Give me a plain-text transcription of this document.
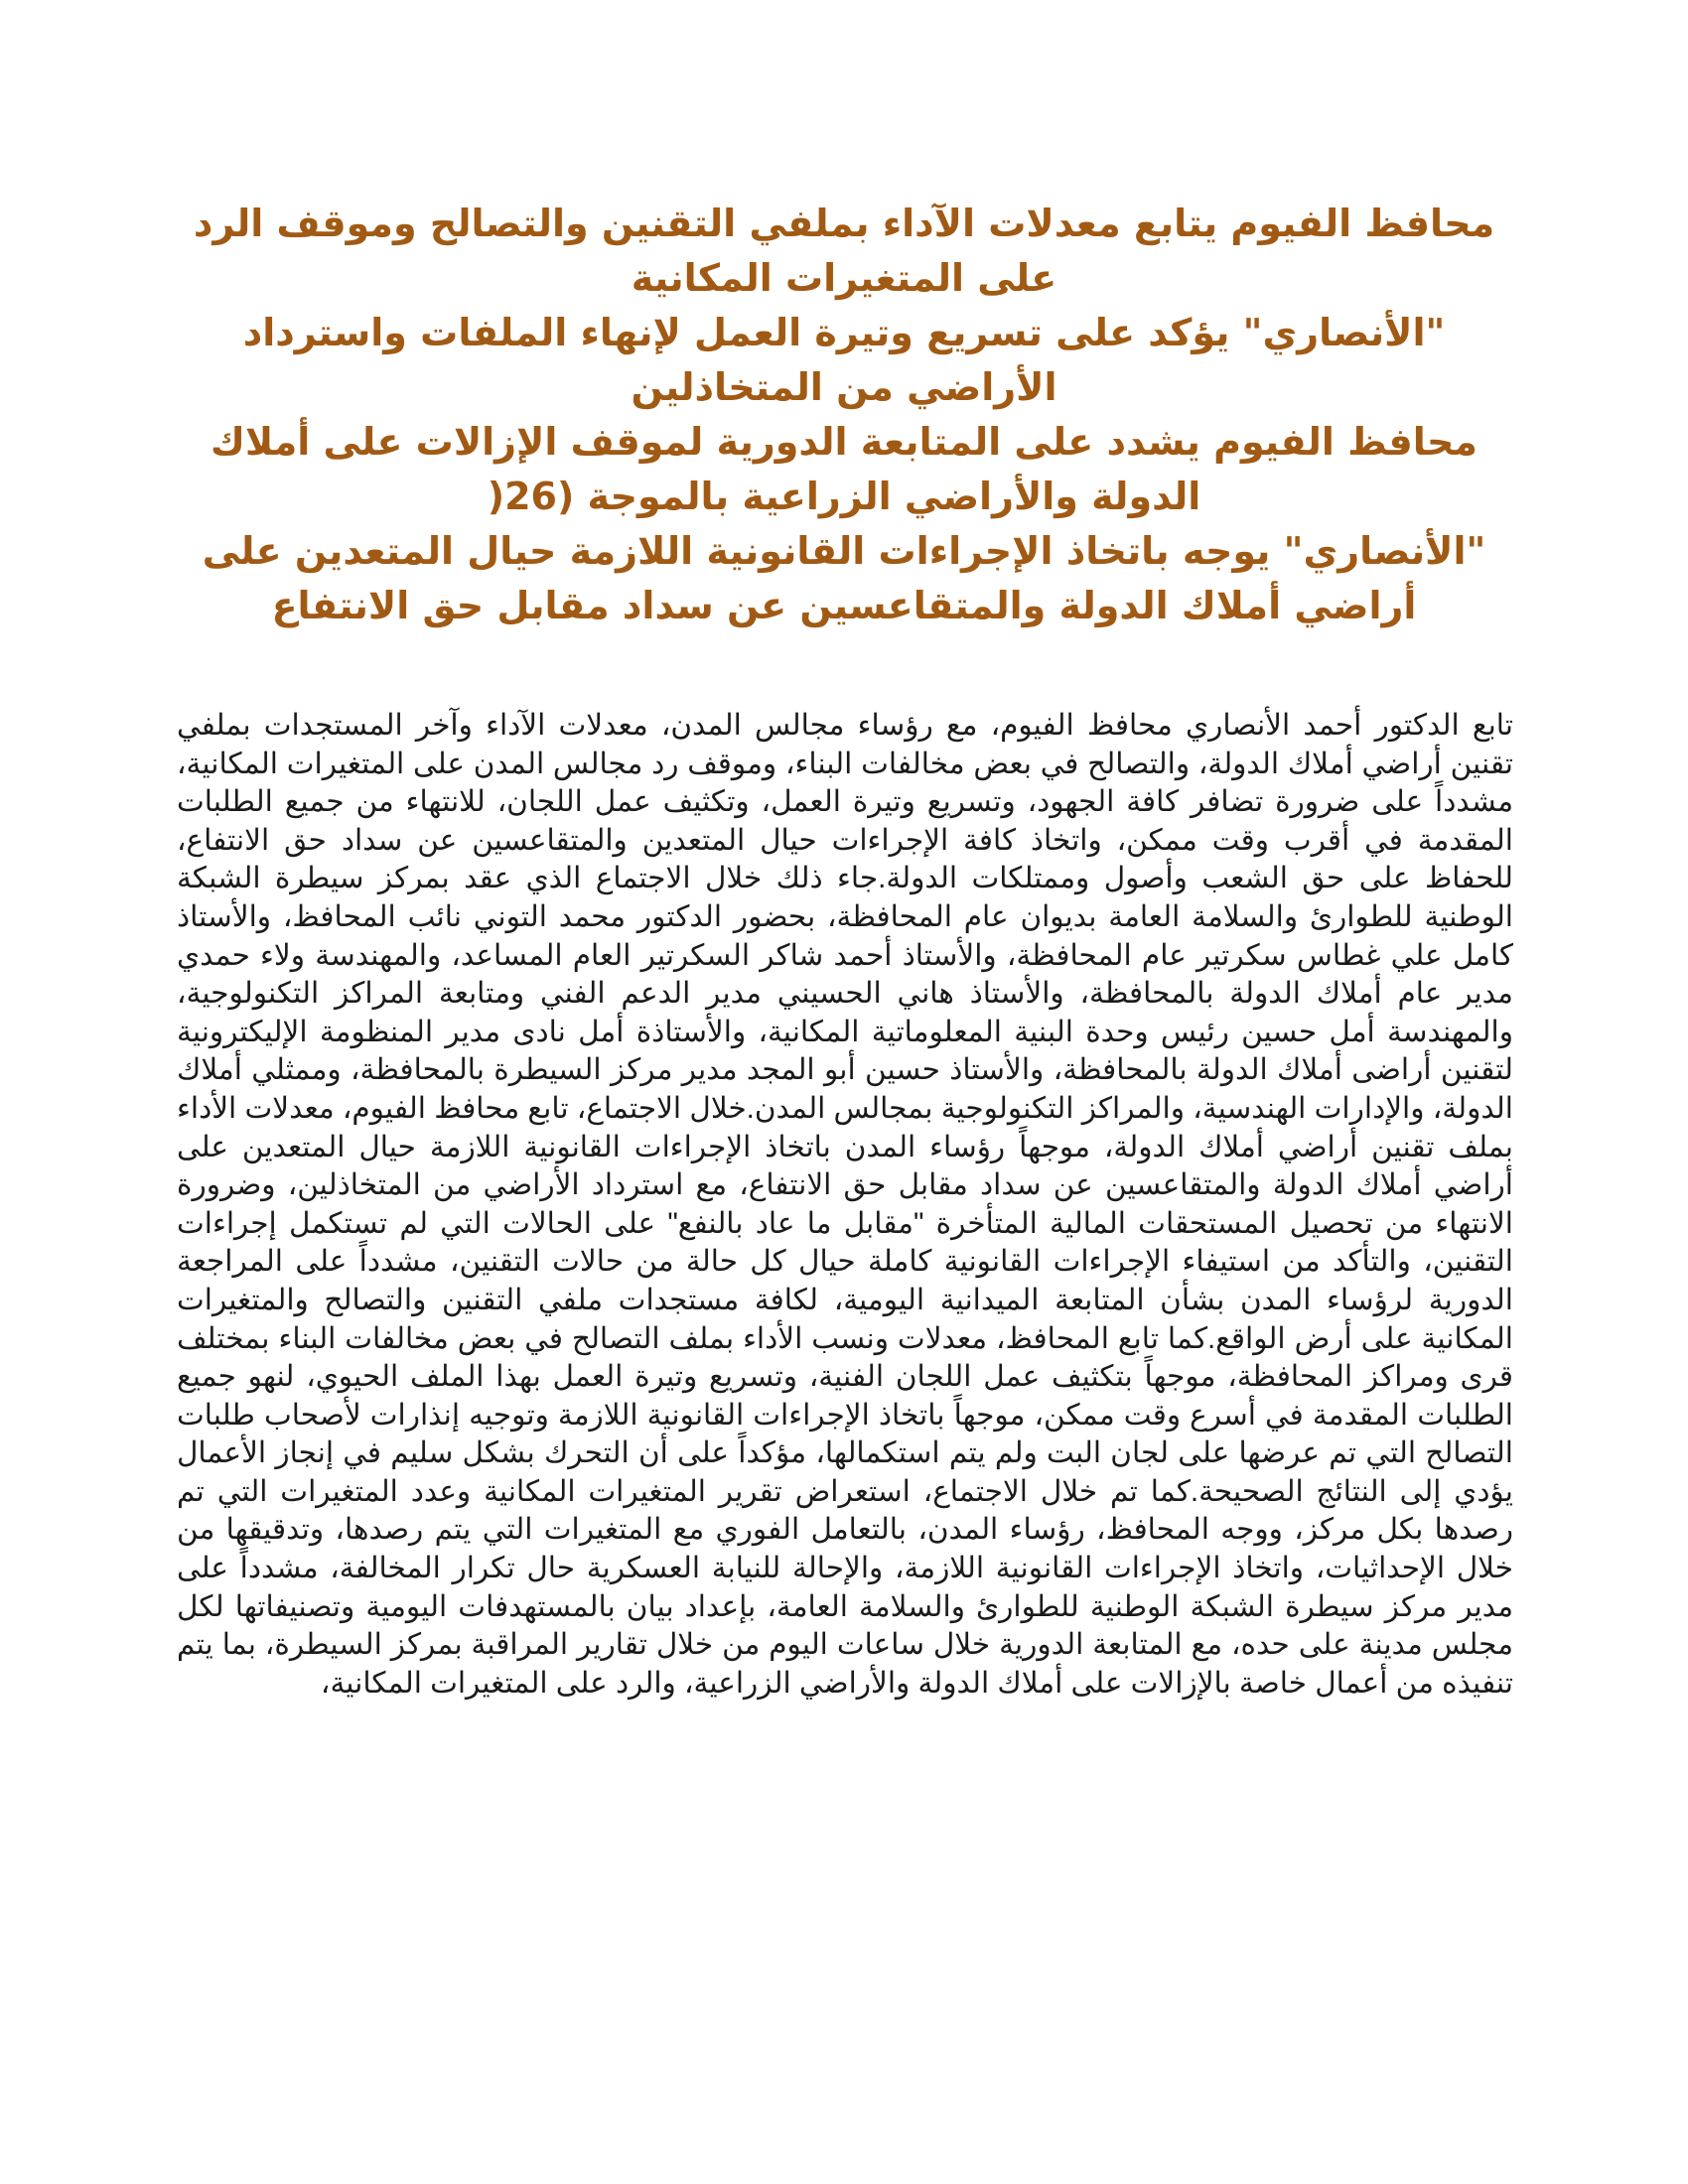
محافظ الفيوم يتابع معدلات الآداء بملفي التقنين والتصالح وموقف الرد على المتغيرات المكانية

"الأنصاري" يؤكد على تسريع وتيرة العمل لإنهاء الملفات واسترداد الأراضي من المتخاذلين

محافظ الفيوم يشدد على المتابعة الدورية لموقف الإزالات على أملاك الدولة والأراضي الزراعية بالموجة (26(

"الأنصاري" يوجه باتخاذ الإجراءات القانونية اللازمة حيال المتعدين على أراضي أملاك الدولة والمتقاعسين عن سداد مقابل حق الانتفاع

تابع الدكتور أحمد الأنصاري محافظ الفيوم، مع رؤساء مجالس المدن، معدلات الآداء وآخر المستجدات بملفي تقنين أراضي أملاك الدولة، والتصالح في بعض مخالفات البناء، وموقف رد مجالس المدن على المتغيرات المكانية، مشدداً على ضرورة تضافر كافة الجهود، وتسريع وتيرة العمل، وتكثيف عمل اللجان، للانتهاء من جميع الطلبات المقدمة في أقرب وقت ممكن، واتخاذ كافة الإجراءات حيال المتعدين والمتقاعسين عن سداد حق الانتفاع، للحفاظ على حق الشعب وأصول وممتلكات الدولة.جاء ذلك خلال الاجتماع الذي عقد بمركز سيطرة الشبكة الوطنية للطوارئ والسلامة العامة بديوان عام المحافظة، بحضور الدكتور محمد التوني نائب المحافظ، والأستاذ كامل علي غطاس سكرتير عام المحافظة، والأستاذ أحمد شاكر السكرتير العام المساعد، والمهندسة ولاء حمدي مدير عام أملاك الدولة بالمحافظة، والأستاذ هاني الحسيني مدير الدعم الفني ومتابعة المراكز التكنولوجية، والمهندسة أمل حسين رئيس وحدة البنية المعلوماتية المكانية، والأستاذة أمل نادى مدير المنظومة الإليكترونية لتقنين أراضى أملاك الدولة بالمحافظة، والأستاذ حسين أبو المجد مدير مركز السيطرة بالمحافظة، وممثلي أملاك الدولة، والإدارات الهندسية، والمراكز التكنولوجية بمجالس المدن.خلال الاجتماع، تابع محافظ الفيوم، معدلات الأداء بملف تقنين أراضي أملاك الدولة، موجهاً رؤساء المدن باتخاذ الإجراءات القانونية اللازمة حيال المتعدين على أراضي أملاك الدولة والمتقاعسين عن سداد مقابل حق الانتفاع، مع استرداد الأراضي من المتخاذلين، وضرورة الانتهاء من تحصيل المستحقات المالية المتأخرة "مقابل ما عاد بالنفع" على الحالات التي لم تستكمل إجراءات التقنين، والتأكد من استيفاء الإجراءات القانونية كاملة حيال كل حالة من حالات التقنين، مشدداً على المراجعة الدورية لرؤساء المدن بشأن المتابعة الميدانية اليومية، لكافة مستجدات ملفي التقنين والتصالح والمتغيرات المكانية على أرض الواقع.كما تابع المحافظ، معدلات ونسب الأداء بملف التصالح في بعض مخالفات البناء بمختلف قرى ومراكز المحافظة، موجهاً بتكثيف عمل اللجان الفنية، وتسريع وتيرة العمل بهذا الملف الحيوي، لنهو جميع الطلبات المقدمة في أسرع وقت ممكن، موجهاً باتخاذ الإجراءات القانونية اللازمة وتوجيه إنذارات لأصحاب طلبات التصالح التي تم عرضها على لجان البت ولم يتم استكمالها، مؤكداً على أن التحرك بشكل سليم في إنجاز الأعمال يؤدي إلى النتائج الصحيحة.كما تم خلال الاجتماع، استعراض تقرير المتغيرات المكانية وعدد المتغيرات التي تم رصدها بكل مركز، ووجه المحافظ، رؤساء المدن، بالتعامل الفوري مع المتغيرات التي يتم رصدها، وتدقيقها من خلال الإحداثيات، واتخاذ الإجراءات القانونية اللازمة، والإحالة للنيابة العسكرية حال تكرار المخالفة، مشدداً على مدير مركز سيطرة الشبكة الوطنية للطوارئ والسلامة العامة، بإعداد بيان بالمستهدفات اليومية وتصنيفاتها لكل مجلس مدينة على حده، مع المتابعة الدورية خلال ساعات اليوم من خلال تقارير المراقبة بمركز السيطرة، بما يتم تنفيذه من أعمال خاصة بالإزالات على أملاك الدولة والأراضي الزراعية، والرد على المتغيرات المكانية،
